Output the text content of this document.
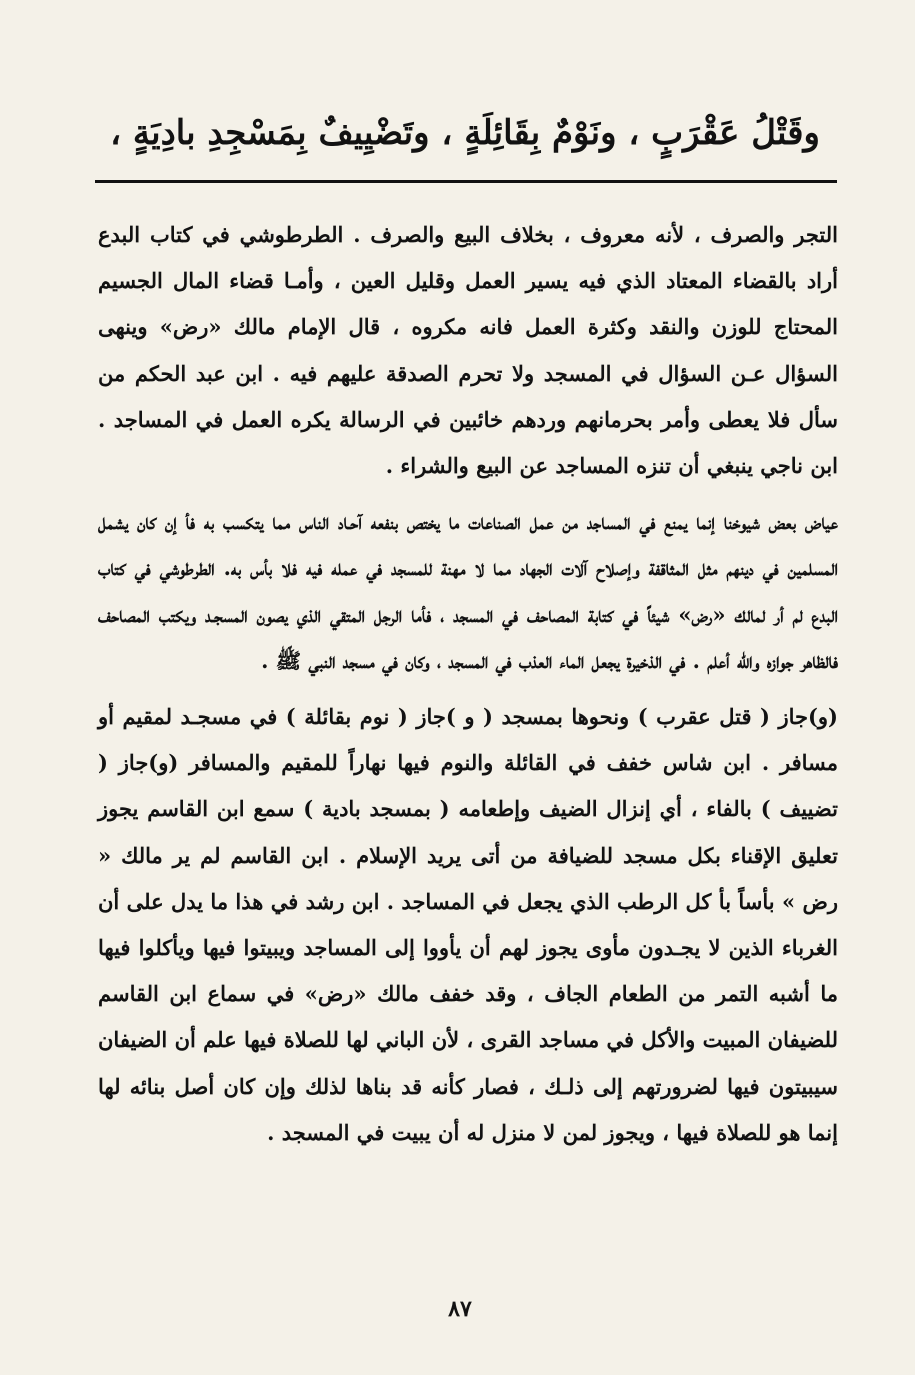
وقَتْلُ عَقْرَبٍ ، ونَوْمٌ بِقَائِلَةٍ ، وتَضْيِيفٌ بِمَسْجِدِ بادِيَةٍ ،

التجر والصرف ، لأنه معروف ، بخلاف البيع والصرف . الطرطوشي في كتاب البدع أراد بالقضاء المعتاد الذي فيه يسير العمل وقليل العين ، وأمـا قضاء المال الجسيم المحتاج للوزن والنقد وكثرة العمل فانه مكروه ، قال الإمام مالك «رض» وينهى السؤال عـن السؤال في المسجد ولا تحرم الصدقة عليهم فيه . ابن عبد الحكم من سأل فلا يعطى وأمر بحرمانهم وردهم خائبين في الرسالة يكره العمل في المساجد . ابن ناجي ينبغي أن تنزه المساجد عن البيع والشراء .

عياض بعض شيوخنا إنما يمنع في المساجد من عمل الصناعات ما يختص بنفعه آحـاد الناس مما يتكسب به فأ إن كان يشمل المسلمين في دينهم مثل المثاقفة وإصلاح آلات الجهاد مما لا مهنة للمسجد في عمله فيه فلا بأس به. الطرطوشي في كتاب البدع لم أر لمالك «رض» شيئاً في كتابة المصاحف في المسجد ، فأما الرجل المتقي الذي يصون المسجـد ويكتب المصاحف فالظاهر جوازه والله أعلم . في الذخيرة يجعل الماء العذب في المسجد ، وكان في مسجد النبي ﷺ .

(و)جاز ( قتل عقرب ) ونحوها بمسجد ( و )جاز ( نوم بقائلة ) في مسجـد لمقيم أو مسافر . ابن شاس خفف في القائلة والنوم فيها نهاراً للمقيم والمسافر (و)جاز ( تضييف ) بالفاء ، أي إنزال الضيف وإطعامه ( بمسجد بادية ) سمع ابن القاسم يجوز تعليق الإقناء بكل مسجد للضيافة من أتى يريد الإسلام . ابن القاسم لم ير مالك « رض » بأساً بأ كل الرطب الذي يجعل في المساجد . ابن رشد في هذا ما يدل على أن الغرباء الذين لا يجـدون مأوى يجوز لهم أن يأووا إلى المساجد ويبيتوا فيها ويأكلوا فيها ما أشبه التمر من الطعام الجاف ، وقد خفف مالك «رض» في سماع ابن القاسم للضيفان المبيت والأكل في مساجد القرى ، لأن الباني لها للصلاة فيها علم أن الضيفان سيبيتون فيها لضرورتهم إلى ذلـك ، فصار كأنه قد بناها لذلك وإن كان أصل بنائه لها إنما هو للصلاة فيها ، ويجوز لمن لا منزل له أن يبيت في المسجد .

٨٧
